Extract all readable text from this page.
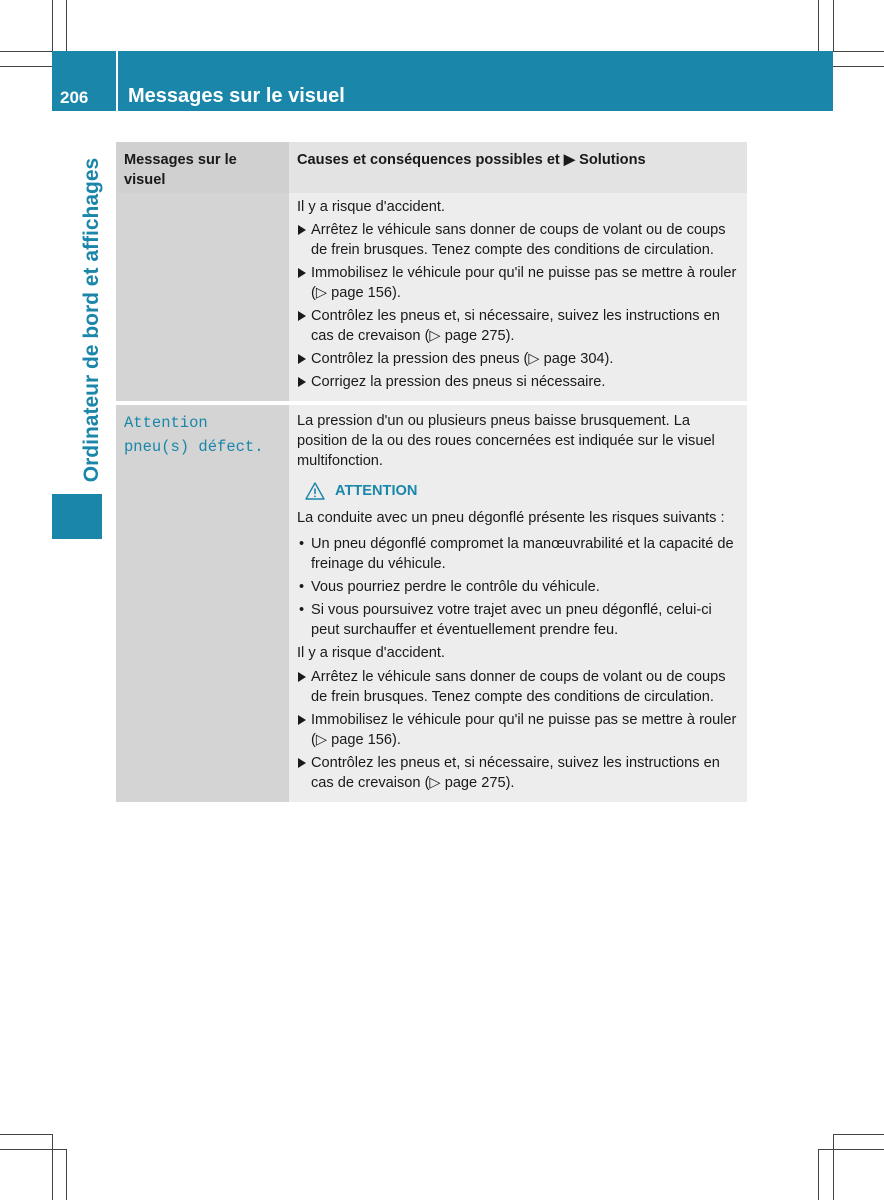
206	Messages sur le visuel
Ordinateur de bord et affichages	Messages sur le visuel
Causes et conséquences possibles et ▶ Solutions
Il y a risque d'accident.
Arrêtez le véhicule sans donner de coups de volant ou de coups de frein brusques. Tenez compte des conditions de circulation.
Immobilisez le véhicule pour qu'il ne puisse pas se mettre à rouler (▷ page 156).
Contrôlez les pneus et, si nécessaire, suivez les instructions en cas de crevaison (▷ page 275).
Contrôlez la pression des pneus (▷ page 304).
Corrigez la pression des pneus si nécessaire.
Attention
pneu(s) défect.
La pression d'un ou plusieurs pneus baisse brusquement. La position de la ou des roues concernées est indiquée sur le visuel multifonction.
ATTENTION
La conduite avec un pneu dégonflé présente les risques suivants :
• Un pneu dégonflé compromet la manœuvrabilité et la capacité de freinage du véhicule.
• Vous pourriez perdre le contrôle du véhicule.
• Si vous poursuivez votre trajet avec un pneu dégonflé, celui-ci peut surchauffer et éventuellement prendre feu.
Il y a risque d'accident.
Arrêtez le véhicule sans donner de coups de volant ou de coups de frein brusques. Tenez compte des conditions de circulation.
Immobilisez le véhicule pour qu'il ne puisse pas se mettre à rouler (▷ page 156).
Contrôlez les pneus et, si nécessaire, suivez les instructions en cas de crevaison (▷ page 275).
